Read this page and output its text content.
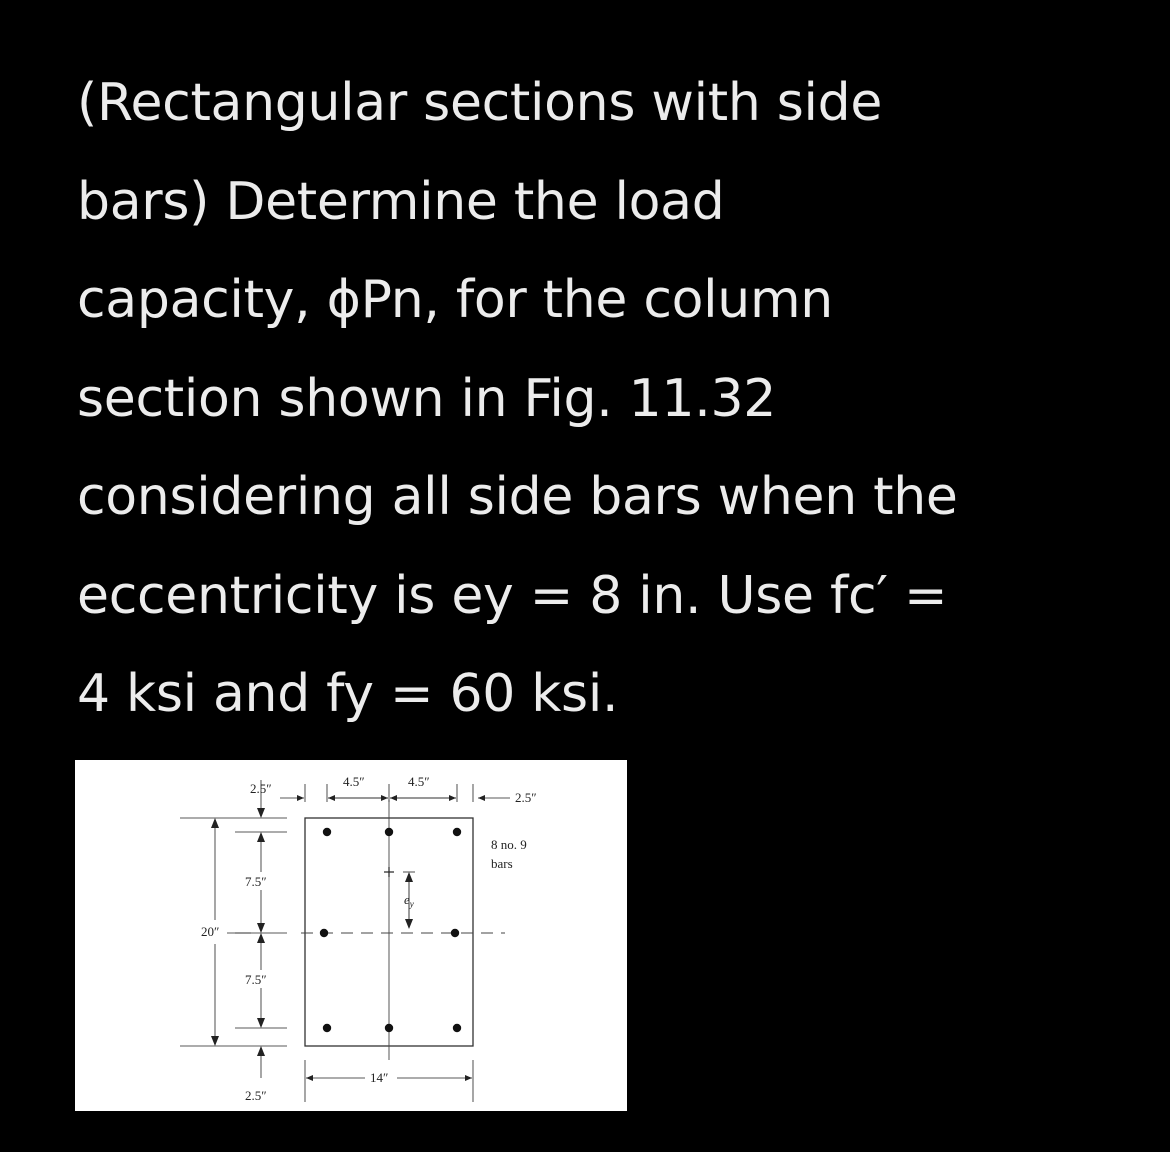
(Rectangular sections with side
bars) Determine the load
capacity, ϕPn, for the column
section shown in Fig. 11.32
considering all side bars when the
eccentricity is ey = 8 in. Use fc′ =
4 ksi and fy = 60 ksi.
$e_y$
2.5″	4.5″	4.5″
2.5″
8 no. 9
bars
20″
7.5″
7.5″
2.5″
14″
